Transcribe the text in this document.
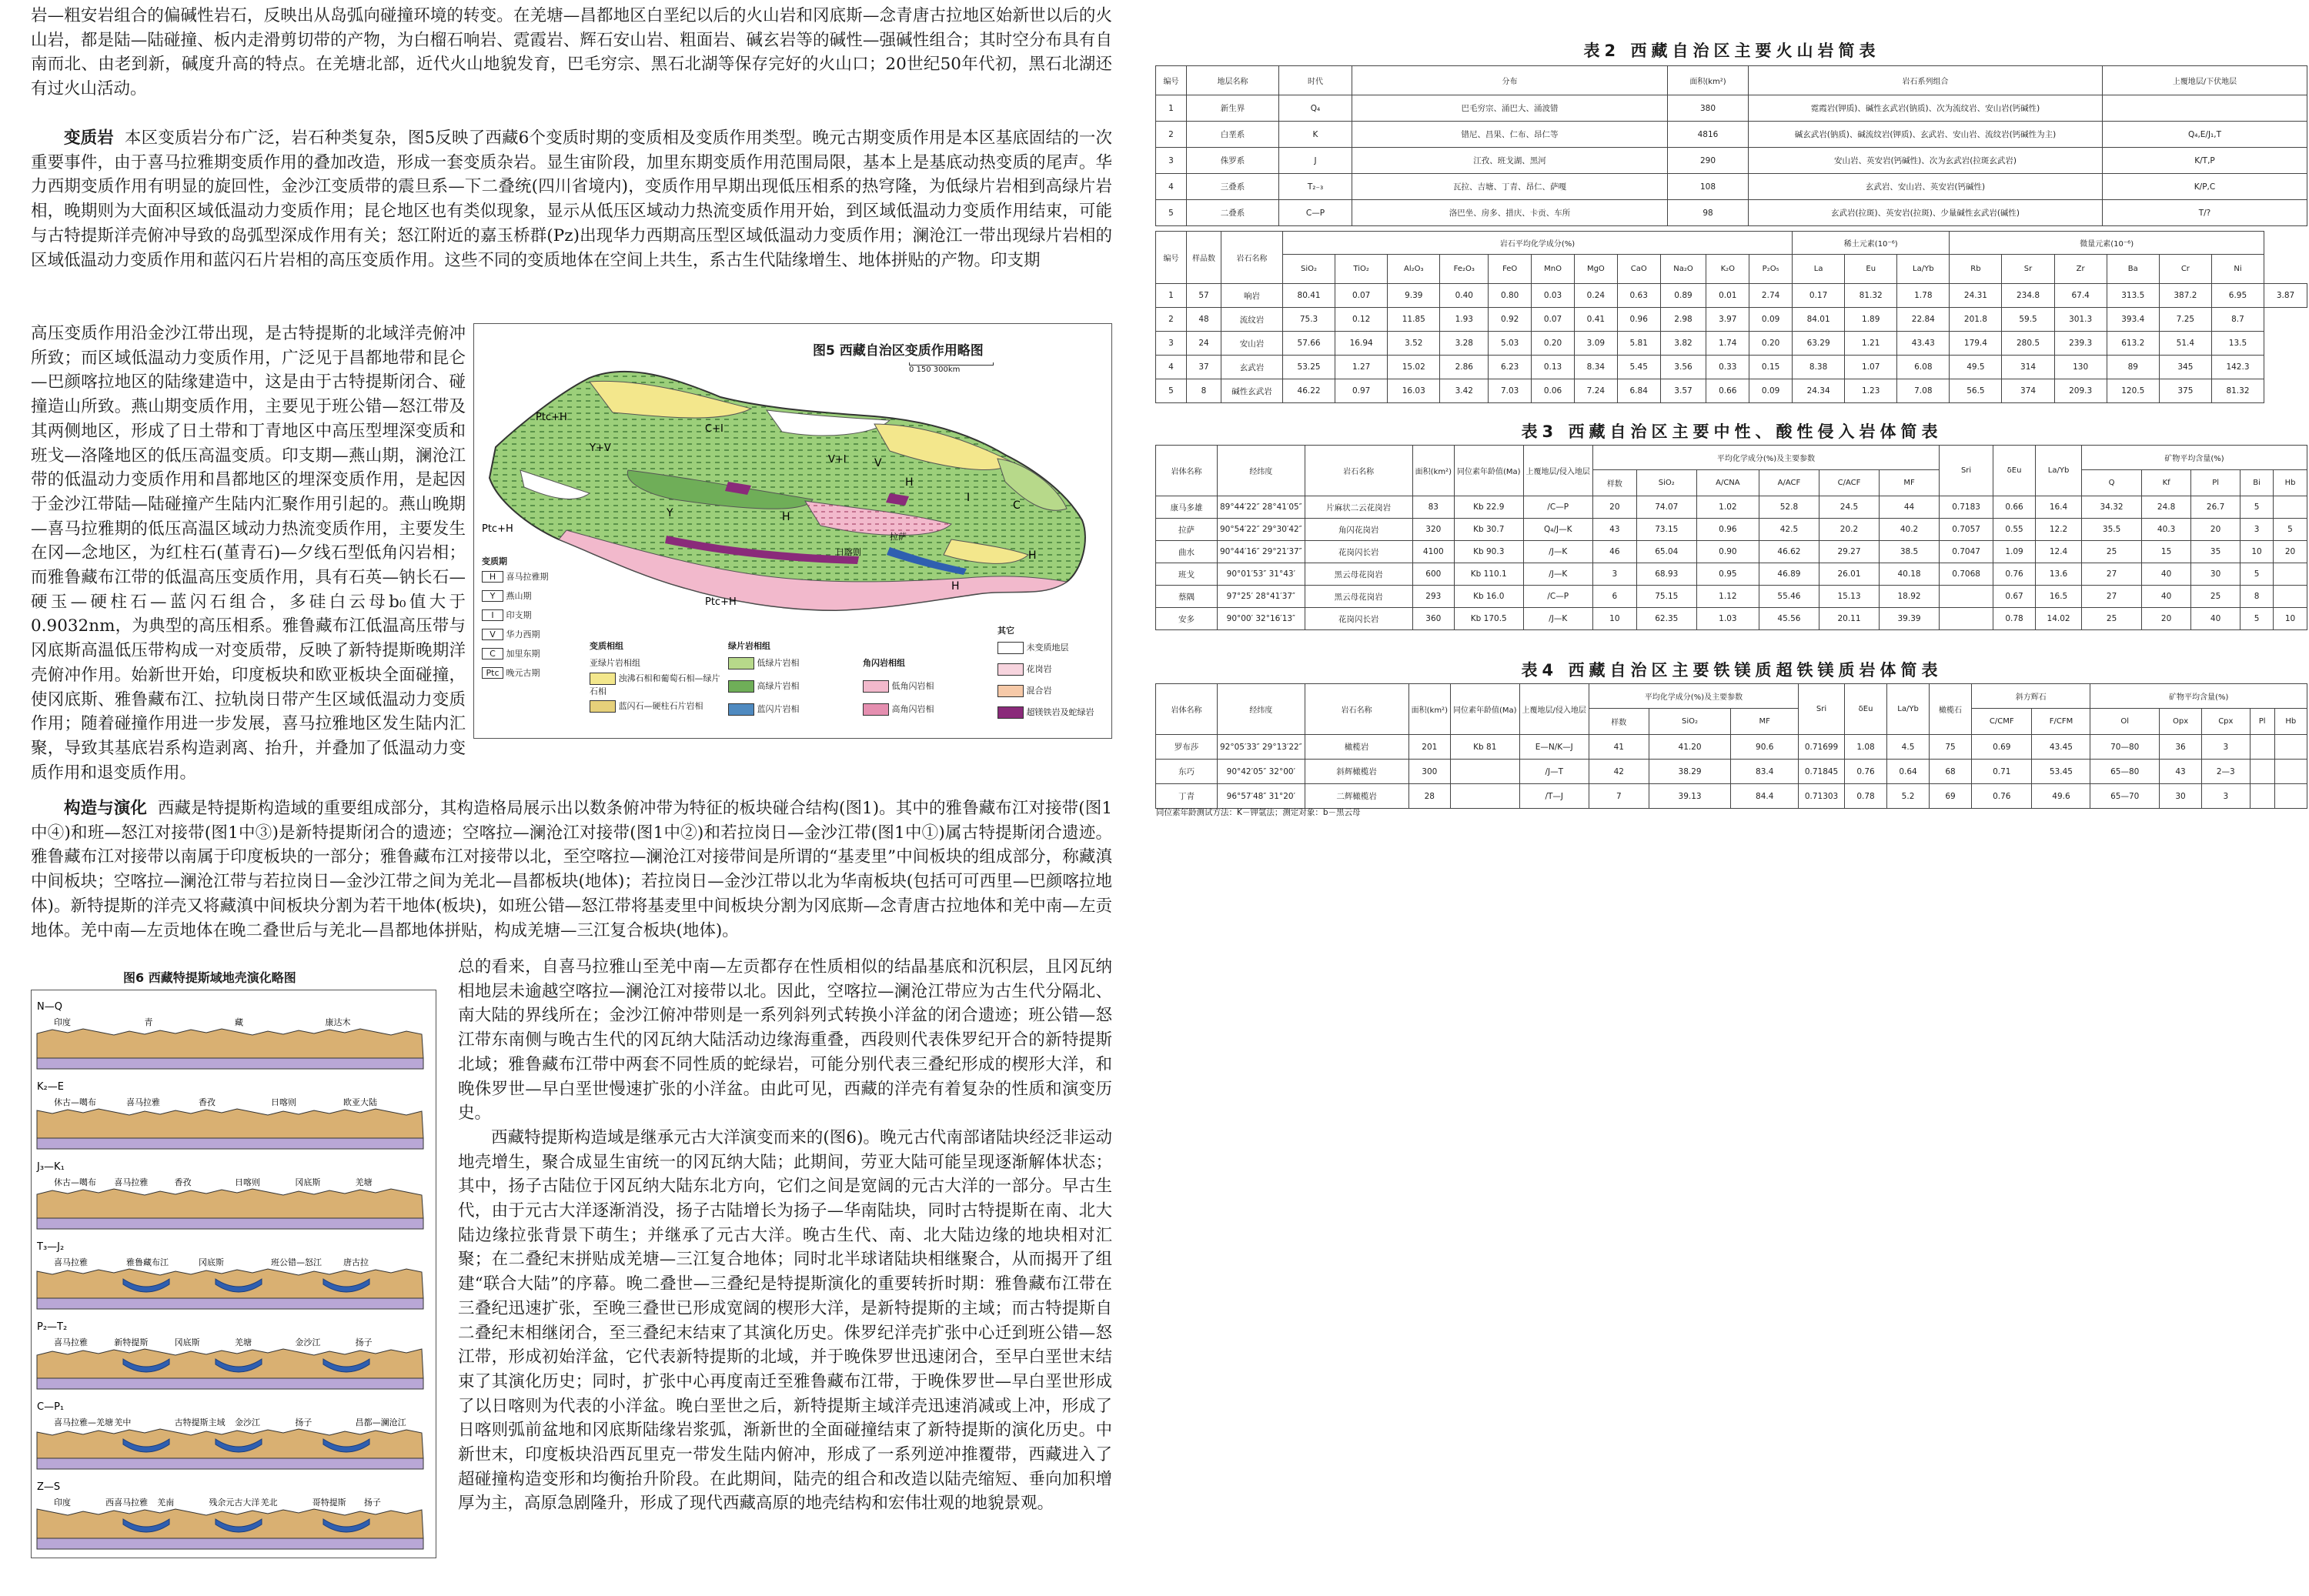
岩—粗安岩组合的偏碱性岩石，反映出从岛弧向碰撞环境的转变。在羌塘—昌都地区白垩纪以后的火山岩和冈底斯—念青唐古拉地区始新世以后的火山岩，都是陆—陆碰撞、板内走滑剪切带的产物，为白榴石响岩、霓霞岩、辉石安山岩、粗面岩、碱玄岩等的碱性—强碱性组合；其时空分布具有自南而北、由老到新，碱度升高的特点。在羌塘北部，近代火山地貌发育，巴毛穷宗、黑石北湖等保存完好的火山口；20世纪50年代初，黑石北湖还有过火山活动。

变质岩 本区变质岩分布广泛，岩石种类复杂，图5反映了西藏6个变质时期的变质相及变质作用类型。晚元古期变质作用是本区基底固结的一次重要事件，由于喜马拉雅期变质作用的叠加改造，形成一套变质杂岩。显生宙阶段，加里东期变质作用范围局限，基本上是基底动热变质的尾声。华力西期变质作用有明显的旋回性，金沙江变质带的震旦系—下二叠统(四川省境内)，变质作用早期出现低压相系的热穹隆，为低绿片岩相到高绿片岩相，晚期则为大面积区域低温动力变质作用；昆仑地区也有类似现象，显示从低压区域动力热流变质作用开始，到区域低温动力变质作用结束，可能与古特提斯洋壳俯冲导致的岛弧型深成作用有关；怒江附近的嘉玉桥群(Pz)出现华力西期高压型区域低温动力变质作用；澜沧江一带出现绿片岩相的区域低温动力变质作用和蓝闪石片岩相的高压变质作用。这些不同的变质地体在空间上共生，系古生代陆缘增生、地体拼贴的产物。印支期

高压变质作用沿金沙江带出现，是古特提斯的北域洋壳俯冲所致；而区域低温动力变质作用，广泛见于昌都地带和昆仑—巴颜喀拉地区的陆缘建造中，这是由于古特提斯闭合、碰撞造山所致。燕山期变质作用，主要见于班公错—怒江带及其两侧地区，形成了日土带和丁青地区中高压型埋深变质和班戈—洛隆地区的低压高温变质。印支期—燕山期，澜沧江带的低温动力变质作用和昌都地区的埋深变质作用，是起因于金沙江带陆—陆碰撞产生陆内汇聚作用引起的。燕山晚期—喜马拉雅期的低压高温区域动力热流变质作用，主要发生在冈—念地区，为红柱石(堇青石)—夕线石型低角闪岩相；而雅鲁藏布江带的低温高压变质作用，具有石英—钠长石—硬玉—硬柱石—蓝闪石组合，多硅白云母b₀值大于0.9032nm，为典型的高压相系。雅鲁藏布江低温高压带与冈底斯高温低压带构成一对变质带，反映了新特提斯晚期洋壳俯冲作用。始新世开始，印度板块和欧亚板块全面碰撞，使冈底斯、雅鲁藏布江、拉轨岗日带产生区域低温动力变质作用；随着碰撞作用进一步发展，喜马拉雅地区发生陆内汇聚，导致其基底岩系构造剥离、抬升，并叠加了低温动力变质作用和退变质作用。

图5 西藏自治区变质作用略图
0 150 300km
Ptc+H
Y+V
C+I
V+I
Ptc+H
H
I
C
V
H
Y
H
H
Ptc+H
拉萨
日喀则
变质期
H 喜马拉雅期
Y 燕山期
I 印支期
V 华力西期
C 加里东期
Ptc 晚元古期
变质相组
亚绿片岩相组
绿片岩相组
角闪岩相组
其它
浊沸石相和葡萄石相—绿片石相
蓝闪石—硬柱石片岩相
低绿片岩相
高绿片岩相
蓝闪片岩相
低角闪岩相
高角闪岩相
未变质地层
花岗岩
混合岩
超镁铁岩及蛇绿岩

构造与演化 西藏是特提斯构造域的重要组成部分，其构造格局展示出以数条俯冲带为特征的板块碰合结构(图1)。其中的雅鲁藏布江对接带(图1中④)和班—怒江对接带(图1中③)是新特提斯闭合的遗迹；空喀拉—澜沧江对接带(图1中②)和若拉岗日—金沙江带(图1中①)属古特提斯闭合遗迹。雅鲁藏布江对接带以南属于印度板块的一部分；雅鲁藏布江对接带以北，至空喀拉—澜沧江对接带间是所谓的“基麦里”中间板块的组成部分，称藏滇中间板块；空喀拉—澜沧江带与若拉岗日—金沙江带之间为羌北—昌都板块(地体)；若拉岗日—金沙江带以北为华南板块(包括可可西里—巴颜喀拉地体)。新特提斯的洋壳又将藏滇中间板块分割为若干地体(板块)，如班公错—怒江带将基麦里中间板块分割为冈底斯—念青唐古拉地体和羌中南—左贡地体。羌中南—左贡地体在晚二叠世后与羌北—昌都地体拼贴，构成羌塘—三江复合板块(地体)。

图6 西藏特提斯域地壳演化略图
N—Q
印度	青	藏	康达木
K₂—E
休古—噶布	喜马拉雅	香孜	日喀则	欧亚大陆
J₃—K₁
休古—噶布 喜马拉雅	香孜	日喀则	冈底斯	羌塘
T₃—J₂
喜马拉雅	雅鲁藏布江	冈底斯	班公错—怒江	唐古拉
P₂—T₂
喜马拉雅	新特提斯	冈底斯	羌塘	金沙江	扬子
C—P₁
喜马拉雅—羌塘 羌中	古特提斯主域 金沙江	扬子	昌都—澜沧江
Z—S
印度	西喜马拉雅 羌南	残余元古大洋 羌北	哥特提斯 扬子

总的看来，自喜马拉雅山至羌中南—左贡都存在性质相似的结晶基底和沉积层，且冈瓦纳相地层未逾越空喀拉—澜沧江对接带以北。因此，空喀拉—澜沧江带应为古生代分隔北、南大陆的界线所在；金沙江俯冲带则是一系列斜列式转换小洋盆的闭合遗迹；班公错—怒江带东南侧与晚古生代的冈瓦纳大陆活动边缘海重叠，西段则代表侏罗纪开合的新特提斯北域；雅鲁藏布江带中两套不同性质的蛇绿岩，可能分别代表三叠纪形成的楔形大洋，和晚侏罗世—早白垩世慢速扩张的小洋盆。由此可见，西藏的洋壳有着复杂的性质和演变历史。

西藏特提斯构造域是继承元古大洋演变而来的(图6)。晚元古代南部诸陆块经泛非运动地壳增生，聚合成显生宙统一的冈瓦纳大陆；此期间，劳亚大陆可能呈现逐渐解体状态；其中，扬子古陆位于冈瓦纳大陆东北方向，它们之间是宽阔的元古大洋的一部分。早古生代，由于元古大洋逐渐消没，扬子古陆增长为扬子—华南陆块，同时古特提斯在南、北大陆边缘拉张背景下萌生；并继承了元古大洋。晚古生代、南、北大陆边缘的地块相对汇聚；在二叠纪末拼贴成羌塘—三江复合地体；同时北半球诸陆块相继聚合，从而揭开了组建“联合大陆”的序幕。晚二叠世—三叠纪是特提斯演化的重要转折时期：雅鲁藏布江带在三叠纪迅速扩张，至晚三叠世已形成宽阔的楔形大洋，是新特提斯的主域；而古特提斯自二叠纪末相继闭合，至三叠纪末结束了其演化历史。侏罗纪洋壳扩张中心迁到班公错—怒江带，形成初始洋盆，它代表新特提斯的北域，并于晚侏罗世迅速闭合，至早白垩世末结束了其演化历史；同时，扩张中心再度南迁至雅鲁藏布江带，于晚侏罗世—早白垩世形成了以日喀则为代表的小洋盆。晚白垩世之后，新特提斯主域洋壳迅速消减或上冲，形成了日喀则弧前盆地和冈底斯陆缘岩浆弧，渐新世的全面碰撞结束了新特提斯的演化历史。中新世末，印度板块沿西瓦里克一带发生陆内俯冲，形成了一系列逆冲推覆带，西藏进入了超碰撞构造变形和均衡抬升阶段。在此期间，陆壳的组合和改造以陆壳缩短、垂向加积增厚为主，高原急剧隆升，形成了现代西藏高原的地壳结构和宏伟壮观的地貌景观。

表2 西藏自治区主要火山岩简表
编号	地层名称	时代	分布	面积(km²)	岩石系列组合	上覆地层/下伏地层
1	新生界	Q₄	巴毛穷宗、涌巴大、涌波错	380	霓霞岩(钾质)、碱性玄武岩(钠质)、次为流纹岩、安山岩(钙碱性)	
2	白垩系	K	错尼、昌果、仁布、昂仁等	4816	碱玄武岩(钠质)、碱流纹岩(钾质)、玄武岩、安山岩、流纹岩(钙碱性为主)	Q₄,E/J₁,T
3	侏罗系	J	江孜、班戈湖、黑河	290	安山岩、英安岩(钙碱性)、次为玄武岩(拉斑玄武岩)	K/T,P
4	三叠系	T₂₋₃	瓦拉、吉塘、丁青、昂仁、萨嘎	108	玄武岩、安山岩、英安岩(钙碱性)	K/P,C
5	二叠系	C—P	洛巴坐、房多、措庆、卡贡、车所	98	玄武岩(拉斑)、英安岩(拉斑)、少量碱性玄武岩(碱性)	T/?
编号	样品数	岩石名称	岩石平均化学成分(%)											稀土元素(10⁻⁶)			微量元素(10⁻⁶)						
			SiO₂	TiO₂	Al₂O₃	Fe₂O₃	FeO	MnO	MgO	CaO	Na₂O	K₂O	P₂O₅	La	Eu	La/Yb	Rb	Sr	Zr	Ba	Cr	Ni	
1	57	响岩	80.41	0.07	9.39	0.40	0.80	0.03	0.24	0.63	0.89	0.01	2.74	0.17	81.32	1.78	24.31	234.8	67.4	313.5	387.2	6.95	3.87
2	48	流纹岩	75.3	0.12	11.85	1.93	0.92	0.07	0.41	0.96	2.98	3.97	0.09	84.01	1.89	22.84	201.8	59.5	301.3	393.4	7.25	8.7	
3	24	安山岩	57.66	16.94	3.52	3.28	5.03	0.20	3.09	5.81	3.82	1.74	0.20	63.29	1.21	43.43	179.4	280.5	239.3	613.2	51.4	13.5	
4	37	玄武岩	53.25	1.27	15.02	2.86	6.23	0.13	8.34	5.45	3.56	0.33	0.15	8.38	1.07	6.08	49.5	314	130	89	345	142.3	
5	8	碱性玄武岩	46.22	0.97	16.03	3.42	7.03	0.06	7.24	6.84	3.57	0.66	0.09	24.34	1.23	7.08	56.5	374	209.3	120.5	375	81.32	
表3 西藏自治区主要中性、酸性侵入岩体简表
岩体名称	经纬度	岩石名称	面积(km²)	同位素年龄值(Ma)	上覆地层/侵入地层	平均化学成分(%)及主要参数						Sri	δEu	La/Yb	矿物平均含量(%)				
						样数	SiO₂	A/CNA	A/ACF	C/ACF	MF				Q	Kf	Pl	Bi	Hb
康马多雄	89°44′22″ 28°41′05″	片麻状二云花岗岩	83	Kb 22.9	/C—P	20	74.07	1.02	52.8	24.5	44	0.7183	0.66	16.4	34.32	24.8	26.7	5	
拉萨	90°54′22″ 29°30′42″	角闪花岗岩	320	Kb 30.7	Q₄/J—K	43	73.15	0.96	42.5	20.2	40.2	0.7057	0.55	12.2	35.5	40.3	20	3	5
曲水	90°44′16″ 29°21′37″	花岗闪长岩	4100	Kb 90.3	/J—K	46	65.04	0.90	46.62	29.27	38.5	0.7047	1.09	12.4	25	15	35	10	20
班戈	90°01′53″ 31°43′	黑云母花岗岩	600	Kb 110.1	/J—K	3	68.93	0.95	46.89	26.01	40.18	0.7068	0.76	13.6	27	40	30	5	
蔡隅	97°25′ 28°41′37″	黑云母花岗岩	293	Kb 16.0	/C—P	6	75.15	1.12	55.46	15.13	18.92		0.67	16.5	27	40	25	8	
安多	90°00′ 32°16′13″	花岗闪长岩	360	Kb 170.5	/J—K	10	62.35	1.03	45.56	20.11	39.39		0.78	14.02	25	20	40	5	10
表4 西藏自治区主要铁镁质超铁镁质岩体简表
岩体名称	经纬度	岩石名称	面积(km²)	同位素年龄值(Ma)	上覆地层/侵入地层	平均化学成分(%)及主要参数			Sri	δEu	La/Yb	橄榄石	斜方辉石		矿物平均含量(%)				
						样数	SiO₂	MF					C/CMF	F/CFM	Ol	Opx	Cpx	Pl	Hb
罗布莎	92°05′33″ 29°13′22″	橄榄岩	201	Kb 81	E—N/K—J	41	41.20	90.6	0.71699	1.08	4.5	75	0.69	43.45	70—80	36	3		
东巧	90°42′05″ 32°00′	斜辉橄榄岩	300		/J—T	42	38.29	83.4	0.71845	0.76	0.64	68	0.71	53.45	65—80	43	2—3		
丁青	96°57′48″ 31°20′	二辉橄榄岩	28		/T—J	7	39.13	84.4	0.71303	0.78	5.2	69	0.76	49.6	65—70	30	3		
同位素年龄测试方法：K－钾氩法；测定对象：b－黑云母
